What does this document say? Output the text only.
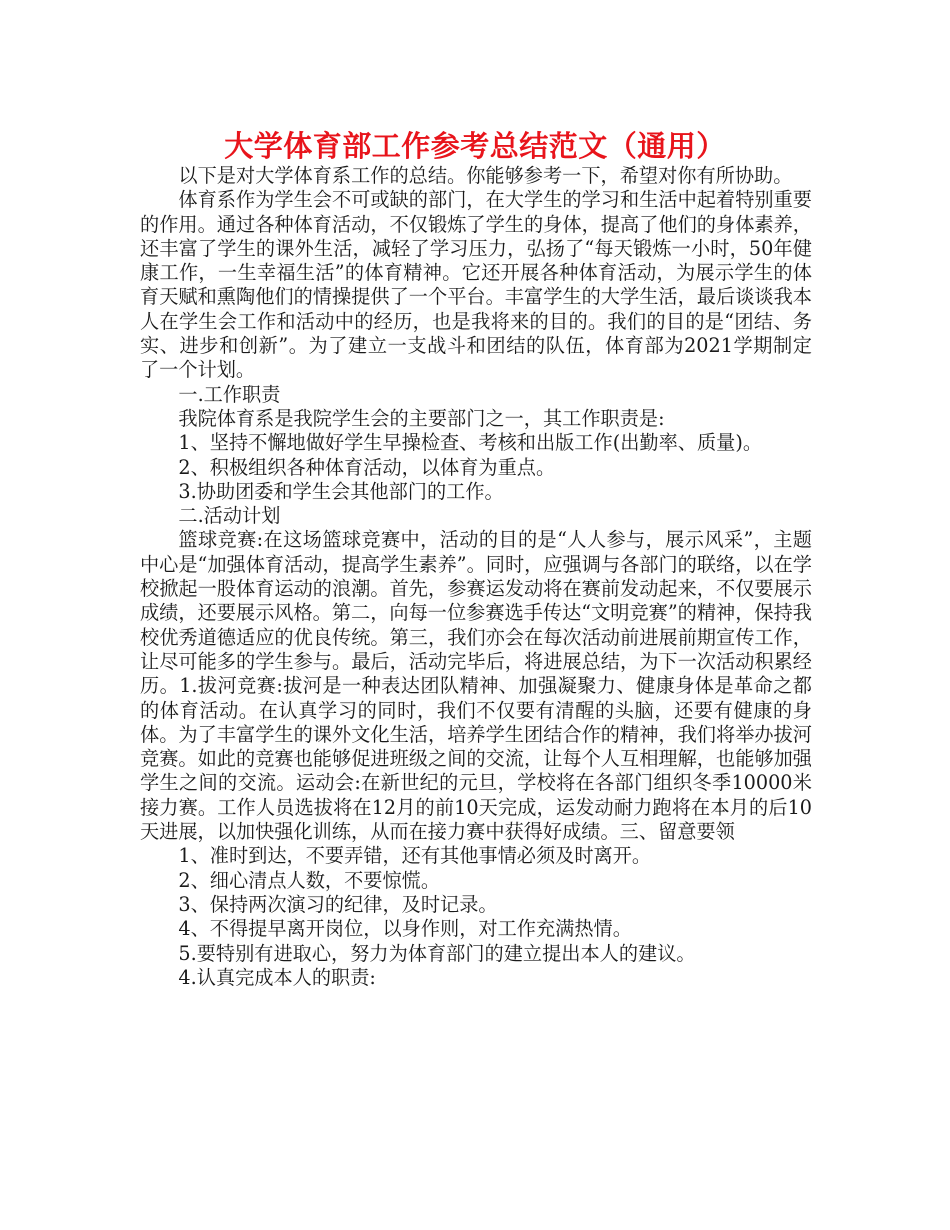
大学体育部工作参考总结范文（通用）

以下是对大学体育系工作的总结。你能够参考一下，希望对你有所协助。

体育系作为学生会不可或缺的部门，在大学生的学习和生活中起着特别重要的作用。通过各种体育活动，不仅锻炼了学生的身体，提高了他们的身体素养，还丰富了学生的课外生活，减轻了学习压力，弘扬了“每天锻炼一小时，50年健康工作，一生幸福生活”的体育精神。它还开展各种体育活动，为展示学生的体育天赋和熏陶他们的情操提供了一个平台。丰富学生的大学生活，最后谈谈我本人在学生会工作和活动中的经历，也是我将来的目的。我们的目的是“团结、务实、进步和创新”。为了建立一支战斗和团结的队伍，体育部为2021学期制定了一个计划。

一.工作职责

我院体育系是我院学生会的主要部门之一，其工作职责是:

1、坚持不懈地做好学生早操检查、考核和出版工作(出勤率、质量)。

2、积极组织各种体育活动，以体育为重点。

3.协助团委和学生会其他部门的工作。

二.活动计划

篮球竞赛:在这场篮球竞赛中，活动的目的是“人人参与，展示风采”，主题中心是“加强体育活动，提高学生素养”。同时，应强调与各部门的联络，以在学校掀起一股体育运动的浪潮。首先，参赛运发动将在赛前发动起来，不仅要展示成绩，还要展示风格。第二，向每一位参赛选手传达“文明竞赛”的精神，保持我校优秀道德适应的优良传统。第三，我们亦会在每次活动前进展前期宣传工作，让尽可能多的学生参与。最后，活动完毕后，将进展总结，为下一次活动积累经历。1.拔河竞赛:拔河是一种表达团队精神、加强凝聚力、健康身体是革命之都的体育活动。在认真学习的同时，我们不仅要有清醒的头脑，还要有健康的身体。为了丰富学生的课外文化生活，培养学生团结合作的精神，我们将举办拔河竞赛。如此的竞赛也能够促进班级之间的交流，让每个人互相理解，也能够加强学生之间的交流。运动会:在新世纪的元旦，学校将在各部门组织冬季10000米接力赛。工作人员选拔将在12月的前10天完成，运发动耐力跑将在本月的后10天进展，以加快强化训练，从而在接力赛中获得好成绩。三、留意要领

1、准时到达，不要弄错，还有其他事情必须及时离开。

2、细心清点人数，不要惊慌。

3、保持两次演习的纪律，及时记录。

4、不得提早离开岗位，以身作则，对工作充满热情。

5.要特别有进取心，努力为体育部门的建立提出本人的建议。

4.认真完成本人的职责:
